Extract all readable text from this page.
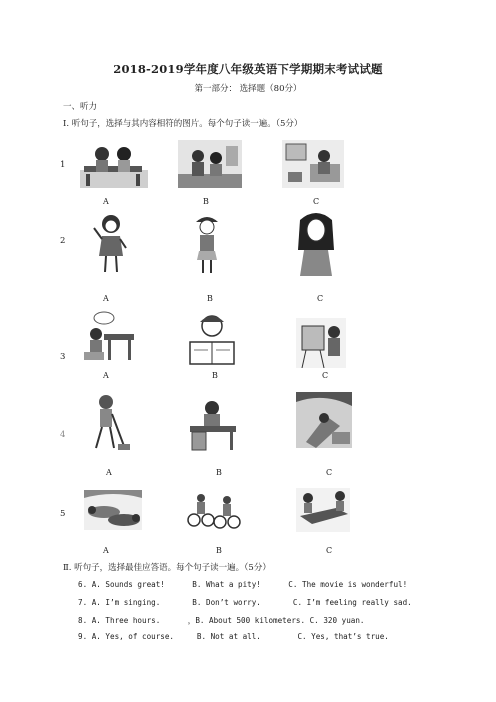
2018-2019学年度八年级英语下学期期末考试试题
第一部分： 选择题（80分）
一、听力
Ⅰ. 听句子，选择与其内容相符的图片。每个句子读一遍。（5分）
1
A	B	C
2
A	B	C
3
A	B	C
4
A	B	C
5
A	B	C
Ⅱ. 听句子，选择最佳应答语。每个句子读一遍。（5分）
6. A. Sounds great!      B. What a pity!      C. The movie is wonderful!
7. A. I’m singing.       B. Don’t worry.       C. I’m feeling really sad.
8. A. Three hours.      ，B. About 500 kilometers. C. 320 yuan.
9. A. Yes, of course.     B. Not at all.        C. Yes, that’s true.
